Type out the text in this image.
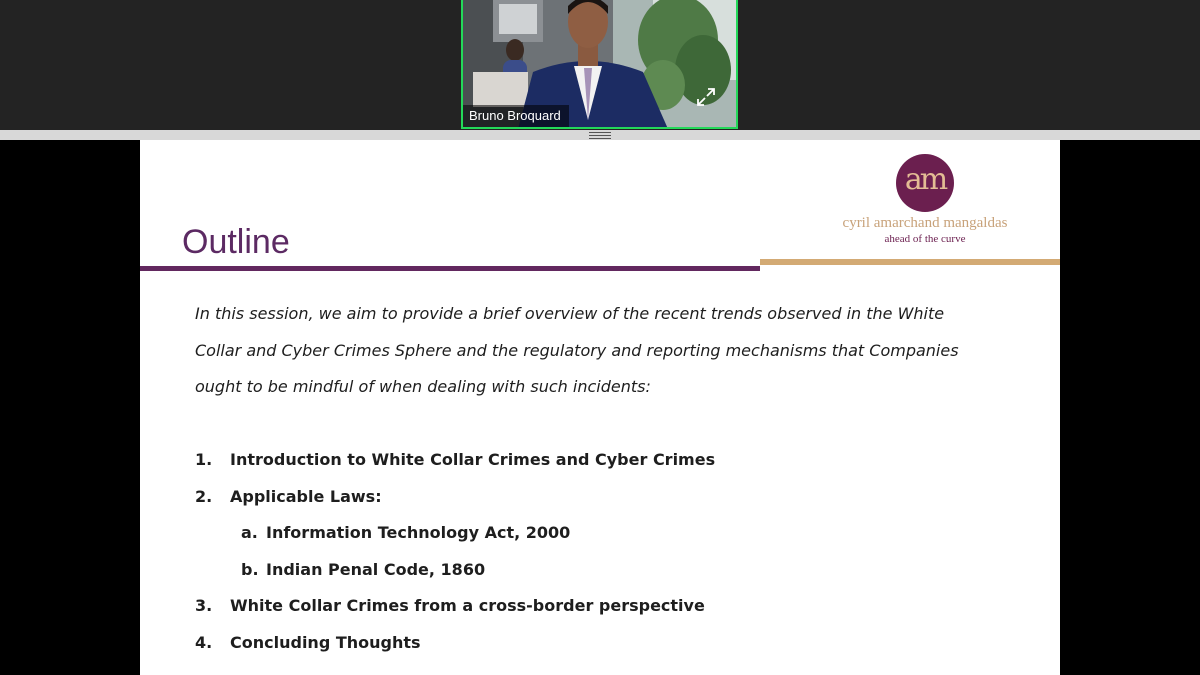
Bruno Broquard
am
cyril amarchand mangaldas
ahead of the curve
Outline
In this session, we aim to provide a brief overview of the recent trends observed in the White
Collar and Cyber Crimes Sphere and the regulatory and reporting mechanisms that Companies
ought to be mindful of when dealing with such incidents:
1. Introduction to White Collar Crimes and Cyber Crimes
2. Applicable Laws:
a. Information Technology Act, 2000
b. Indian Penal Code, 1860
3. White Collar Crimes from a cross-border perspective
4. Concluding Thoughts
